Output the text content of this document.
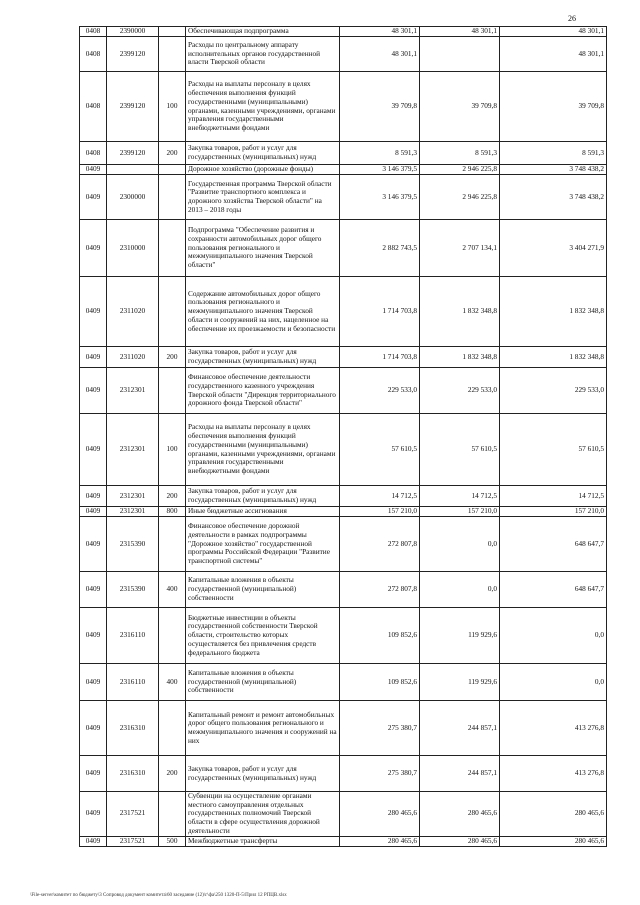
26
0408	2390000		Обеспечивающая подпрограмма	48 301,1	48 301,1	48 301,1
0408	2399120		Расходы по центральному аппарату исполнительных органов государственной власти Тверской области	48 301,1		48 301,1
0408	2399120	100	Расходы на выплаты персоналу в целях обеспечения выполнения функций государственными (муниципальными) органами, казенными учреждениями, органами управления государственными внебюджетными фондами	39 709,8	39 709,8	39 709,8
0408	2399120	200	Закупка товаров, работ и услуг для государственных (муниципальных) нужд	8 591,3	8 591,3	8 591,3
0409			Дорожное хозяйство (дорожные фонды)	3 146 379,5	2 946 225,8	3 748 438,2
0409	2300000		Государственная программа Тверской области "Развитие транспортного комплекса и дорожного хозяйства Тверской области" на 2013 – 2018 годы	3 146 379,5	2 946 225,8	3 748 438,2
0409	2310000		Подпрограмма "Обеспечение развития и сохранности автомобильных дорог общего пользования регионального и межмуниципального значения Тверской области"	2 882 743,5	2 707 134,1	3 404 271,9
0409	2311020		Содержание автомобильных дорог общего пользования регионального и межмуниципального значения Тверской области и сооружений на них, нацеленное на обеспечение их проезжаемости и безопасности	1 714 703,8	1 832 348,8	1 832 348,8
0409	2311020	200	Закупка товаров, работ и услуг для государственных (муниципальных) нужд	1 714 703,8	1 832 348,8	1 832 348,8
0409	2312301		Финансовое обеспечение деятельности государственного казенного учреждения Тверской области "Дирекция территориального дорожного фонда Тверской области"	229 533,0	229 533,0	229 533,0
0409	2312301	100	Расходы на выплаты персоналу в целях обеспечения выполнения функций государственными (муниципальными) органами, казенными учреждениями, органами управления государственными внебюджетными фондами	57 610,5	57 610,5	57 610,5
0409	2312301	200	Закупка товаров, работ и услуг для государственных (муниципальных) нужд	14 712,5	14 712,5	14 712,5
0409	2312301	800	Иные бюджетные ассигнования	157 210,0	157 210,0	157 210,0
0409	2315390		Финансовое обеспечение дорожной деятельности в рамках подпрограммы "Дорожное хозяйство" государственной программы Российской Федерации "Развитие транспортной системы"	272 807,8	0,0	648 647,7
0409	2315390	400	Капитальные вложения в объекты государственной (муниципальной) собственности	272 807,8	0,0	648 647,7
0409	2316110		Бюджетные инвестиции в объекты государственной собственности Тверской области, строительство которых осуществляется без привлечения средств федерального бюджета	109 852,6	119 929,6	0,0
0409	2316110	400	Капитальные вложения в объекты государственной (муниципальной) собственности	109 852,6	119 929,6	0,0
0409	2316310		Капитальный ремонт и ремонт автомобильных дорог общего пользования регионального и межмуниципального значения и сооружений на них	275 380,7	244 857,1	413 276,8
0409	2316310	200	Закупка товаров, работ и услуг для государственных (муниципальных) нужд	275 380,7	244 857,1	413 276,8
0409	2317521		Субвенции на осуществление органами местного самоуправления отдельных государственных полномочий Тверской области в сфере осуществления дорожной деятельности	280 465,6	280 465,6	280 465,6
0409	2317521	500	Межбюджетные трансферты	280 465,6	280 465,6	280 465,6
\File-server\комитет по бюджету\3 Сопровод документ комитета\60 заседание (12)\г\фа\250 1320-П-5\Прил 12 РПЦВ.xlsx
